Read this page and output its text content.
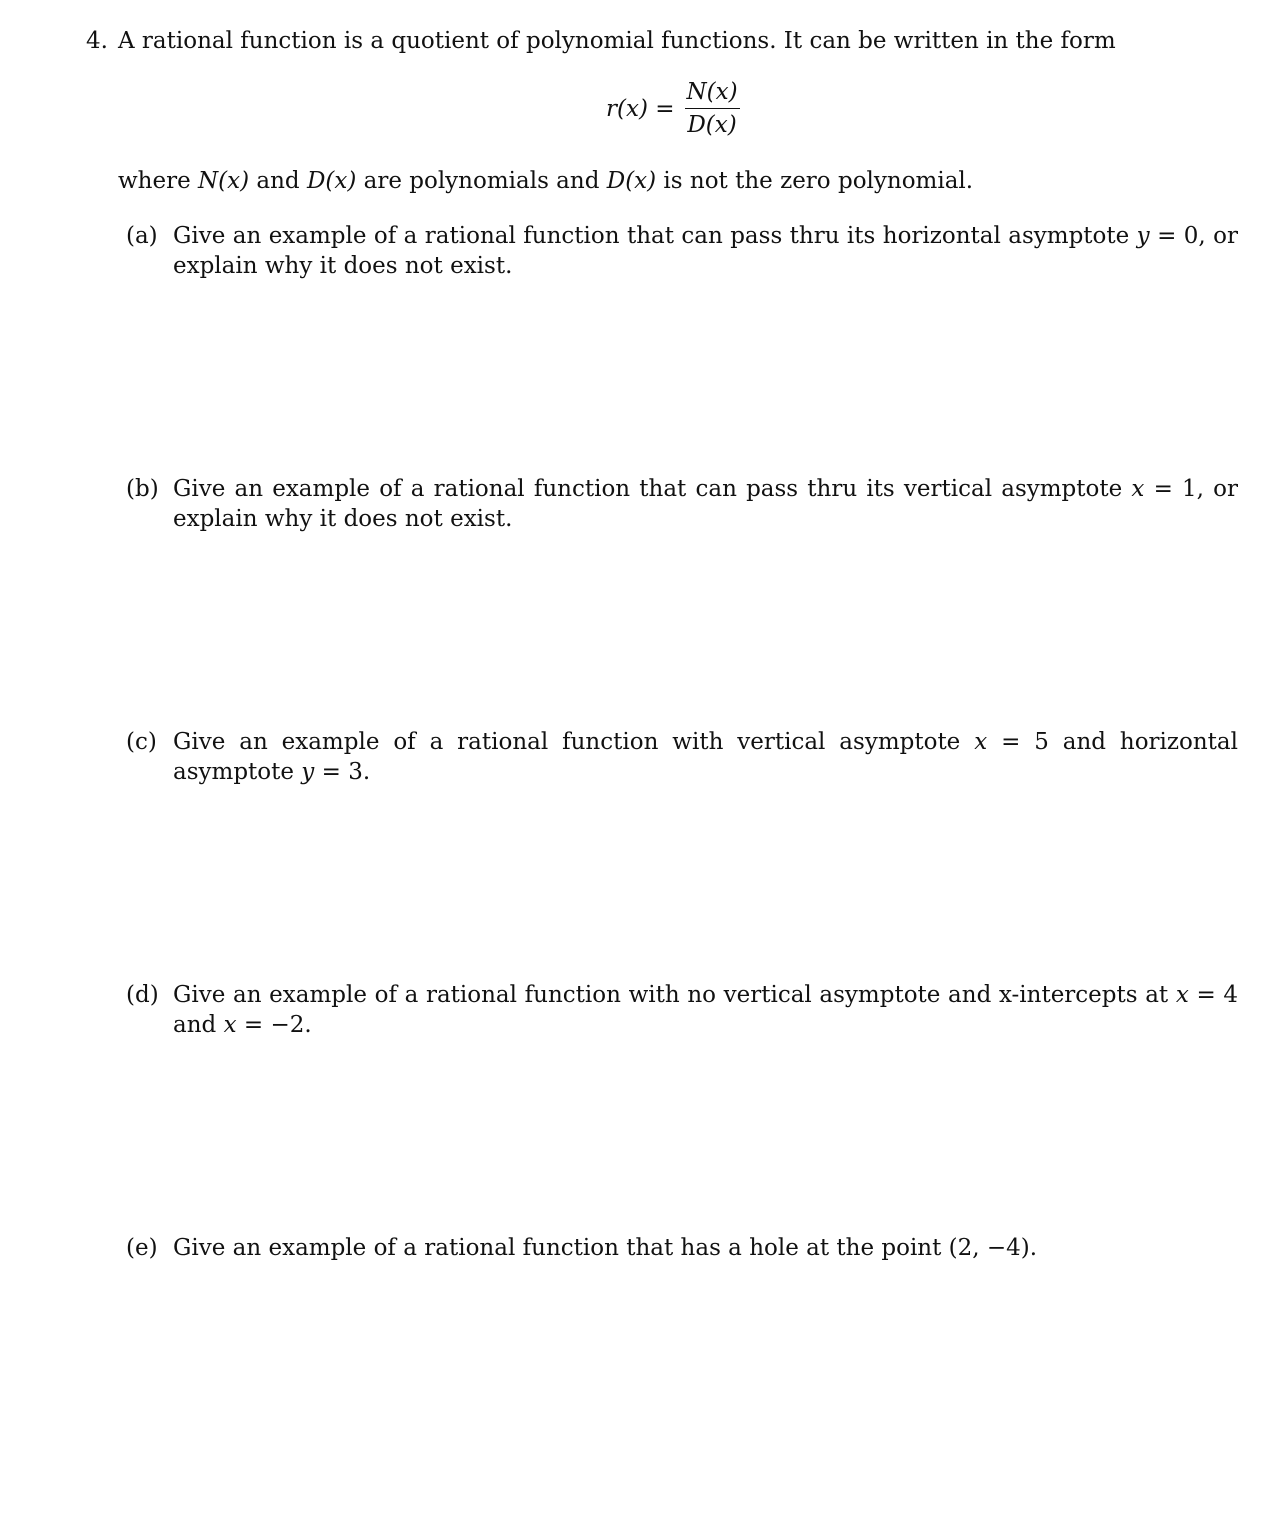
4. A rational function is a quotient of polynomial functions. It can be written in the form
$r(x) = \frac{N(x)}{D(x)}$
where N(x) and D(x) are polynomials and D(x) is not the zero polynomial.
(a) Give an example of a rational function that can pass thru its horizontal asymptote y = 0, or explain why it does not exist.
(b) Give an example of a rational function that can pass thru its vertical asymptote x = 1, or explain why it does not exist.
(c) Give an example of a rational function with vertical asymptote x = 5 and horizontal asymptote y = 3.
(d) Give an example of a rational function with no vertical asymptote and x-intercepts at x = 4 and x = −2.
(e) Give an example of a rational function that has a hole at the point (2, −4).
